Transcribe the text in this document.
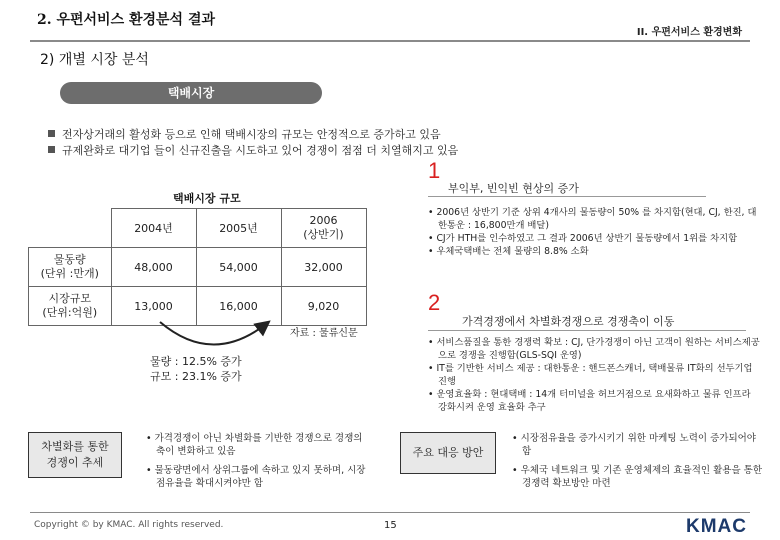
2. 우편서비스 환경분석 결과
II. 우편서비스 환경변화
2) 개별 시장 분석
택배시장
전자상거래의 활성화 등으로 인해 택배시장의 규모는 안정적으로 증가하고 있음
규제완화로 대기업 들이 신규진출을 시도하고 있어 경쟁이 점점 더 치열해지고 있음
1
부익부, 빈익빈 현상의 증가
• 2006년 상반기 기준 상위 4개사의 물동량이 50% 를 차지함(현대, CJ, 한진, 대한통운 : 16,800만개 배달)
• CJ가 HTH를 인수하였고 그 결과 2006년 상반기 물동량에서 1위를 차지함
• 우체국택배는 전체 물량의 8.8% 소화
2
가격경쟁에서 차별화경쟁으로 경쟁축이 이동
• 서비스품질을 통한 경쟁력 확보 : CJ, 단가경쟁이 아닌 고객이 원하는 서비스제공으로 경쟁을 진행함(GLS-SQI 운영)
• IT를 기반한 서비스 제공 : 대한통운 : 핸드폰스캐너, 택배물류 IT화의 선두기업 진행
• 운영효율화 : 현대택배 : 14개 터미널을 허브거점으로 요새화하고 물류 인프라 강화시켜 운영 효율화 추구
택배시장 규모
	2004년	2005년	2006
(상반기)
물동량
(단위 :만개)	48,000	54,000	32,000
시장규모
(단위:억원)	13,000	16,000	9,020
자료 : 물류신문
물량 : 12.5% 증가
규모 : 23.1% 증가
차별화를 통한
경쟁이 추세
• 가격경쟁이 아닌 차별화를 기반한 경쟁으로 경쟁의 축이 변화하고 있음
• 물동량면에서 상위그룹에 속하고 있지 못하며, 시장점유율을 확대시켜야만 함
주요 대응 방안
• 시장점유율을 증가시키기 위한 마케팅 노력이 증가되어야 함
• 우체국 네트워크 및 기존 운영체제의 효율적인 활용을 통한 경쟁력 확보방안 마련
Copyright © by KMAC. All rights reserved.	15	KMAC
